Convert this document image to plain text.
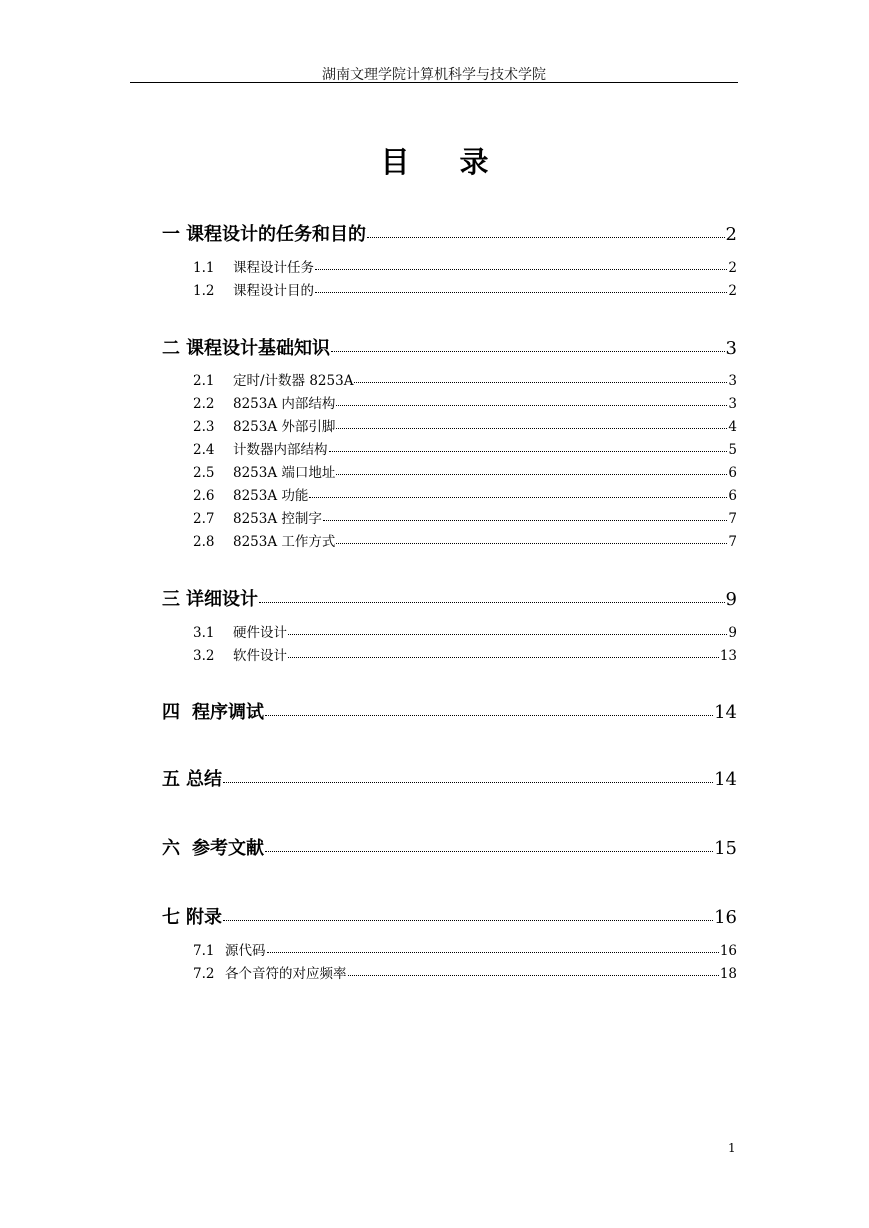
湖南文理学院计算机科学与技术学院
目录
一 课程设计的任务和目的	2
1.1	课程设计任务	2
1.2	课程设计目的	2
二 课程设计基础知识	3
2.1	定时/计数器 8253A	3
2.2	8253A 内部结构	3
2.3	8253A 外部引脚	4
2.4	计数器内部结构	5
2.5	8253A 端口地址	6
2.6	8253A 功能	6
2.7	8253A 控制字	7
2.8	8253A 工作方式	7
三 详细设计	9
3.1	硬件设计	9
3.2	软件设计	13
四 程序调试	14
五 总结	14
六 参考文献	15
七 附录	16
7.1 源代码	16
7.2 各个音符的对应频率	18
1
